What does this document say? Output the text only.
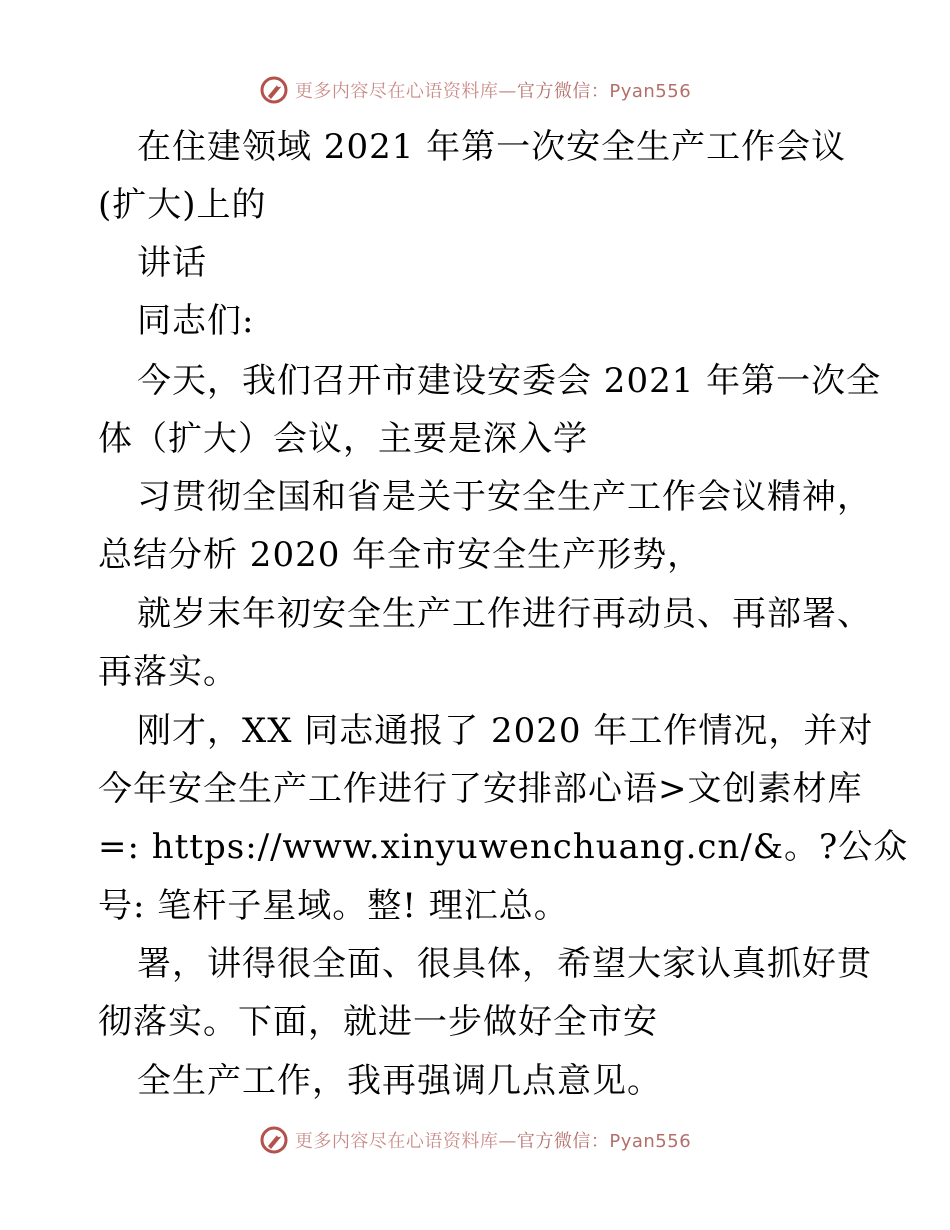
更多内容尽在心语资料库—官方微信：Pyan556
在住建领域 2021 年第一次安全生产工作会议
(扩大)上的
讲话
同志们:
今天，我们召开市建设安委会 2021 年第一次全
体（扩大）会议，主要是深入学
习贯彻全国和省是关于安全生产工作会议精神，
总结分析 2020 年全市安全生产形势，
就岁末年初安全生产工作进行再动员、再部署、
再落实。
刚才，XX 同志通报了 2020 年工作情况，并对
今年安全生产工作进行了安排部心语>文创素材库
=: https://www.xinyuwenchuang.cn/&。?公众
号: 笔杆子星域。整! 理汇总。
署，讲得很全面、很具体，希望大家认真抓好贯
彻落实。下面，就进一步做好全市安
全生产工作，我再强调几点意见。
更多内容尽在心语资料库—官方微信：Pyan556
